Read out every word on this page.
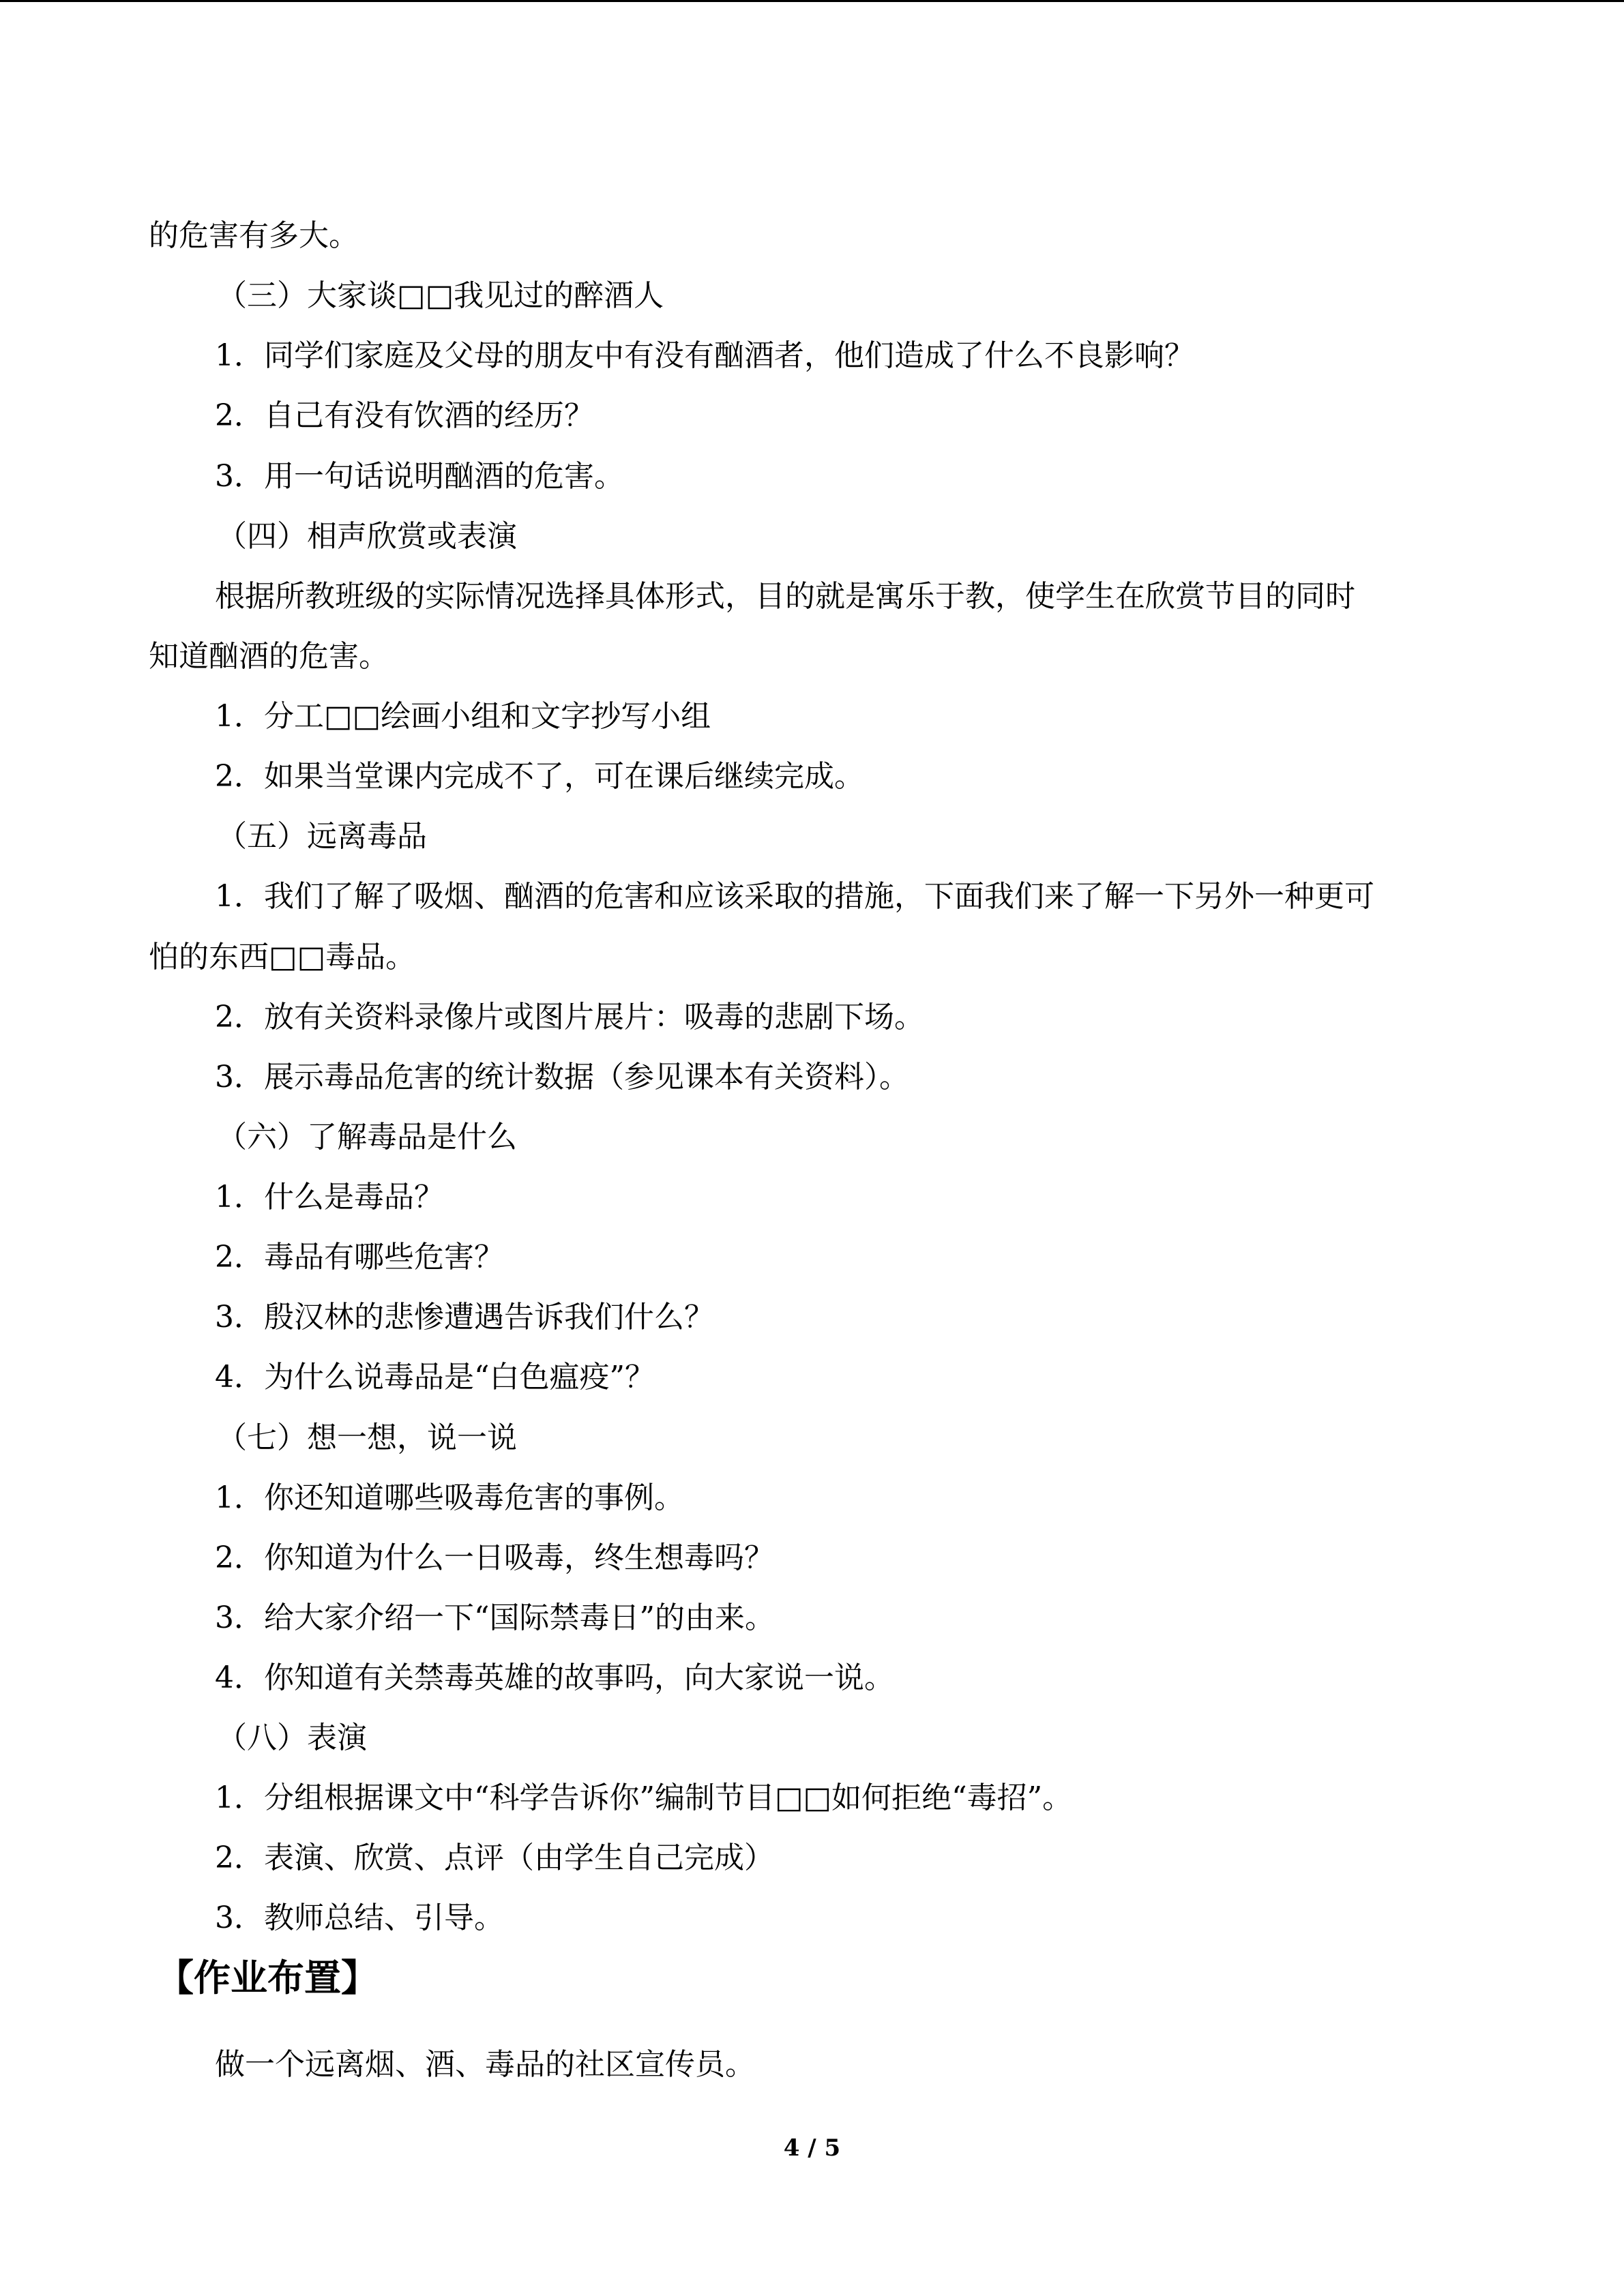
的危害有多大。
（三）大家谈□□我见过的醉酒人
1．同学们家庭及父母的朋友中有没有酗酒者，他们造成了什么不良影响？
2．自己有没有饮酒的经历？
3．用一句话说明酗酒的危害。
（四）相声欣赏或表演
根据所教班级的实际情况选择具体形式，目的就是寓乐于教，使学生在欣赏节目的同时
知道酗酒的危害。
1．分工□□绘画小组和文字抄写小组
2．如果当堂课内完成不了，可在课后继续完成。
（五）远离毒品
1．我们了解了吸烟、酗酒的危害和应该采取的措施，下面我们来了解一下另外一种更可
怕的东西□□毒品。
2．放有关资料录像片或图片展片：吸毒的悲剧下场。
3．展示毒品危害的统计数据（参见课本有关资料）。
（六）了解毒品是什么
1．什么是毒品？
2．毒品有哪些危害？
3．殷汉林的悲惨遭遇告诉我们什么？
4．为什么说毒品是“白色瘟疫”？
（七）想一想，说一说
1．你还知道哪些吸毒危害的事例。
2．你知道为什么一日吸毒，终生想毒吗？
3．给大家介绍一下“国际禁毒日”的由来。
4．你知道有关禁毒英雄的故事吗，向大家说一说。
（八）表演
1．分组根据课文中“科学告诉你”编制节目□□如何拒绝“毒招”。
2．表演、欣赏、点评（由学生自己完成）
3．教师总结、引导。
【作业布置】
做一个远离烟、酒、毒品的社区宣传员。
4 / 5
